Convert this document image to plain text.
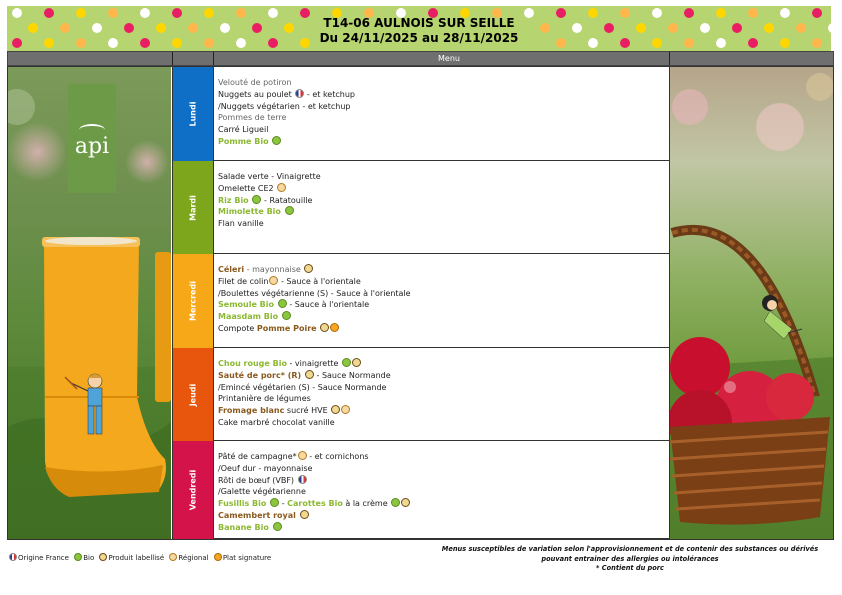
T14-06 AULNOIS SUR SEILLE
Du 24/11/2025 au 28/11/2025
Menu
api
Lundi
Velouté de potiron
Nuggets au poulet  - et ketchup
/Nuggets végétarien - et ketchup
Pommes de terre
Carré Ligueil
Pomme Bio
Mardi
Salade verte - Vinaigrette
Omelette CE2
Riz Bio  - Ratatouille
Mimolette Bio
Flan vanille
Mercredi
Céleri - mayonnaise
Filet de colin - Sauce à l'orientale
/Boulettes végétarienne (S) - Sauce à l'orientale
Semoule Bio  - Sauce à l'orientale
Maasdam Bio
Compote Pomme Poire
Jeudi
Chou rouge Bio - vinaigrette
Sauté de porc* (R)  - Sauce Normande
/Emincé végétarien (S) - Sauce Normande
Printanière de légumes
Fromage blanc sucré HVE
Cake marbré chocolat vanille
Vendredi
Pâté de campagne* - et cornichons
/Oeuf dur - mayonnaise
Rôti de bœuf (VBF)
/Galette végétarienne
Fusillis Bio  - Carottes Bio à la crème
Camembert royal
Banane Bio
Origine France Bio Produit labellisé Régional Plat signature
Menus susceptibles de variation selon l'approvisionnement et de contenir des substances ou dérivés
pouvant entrainer des allergies ou intolérances
* Contient du porc
